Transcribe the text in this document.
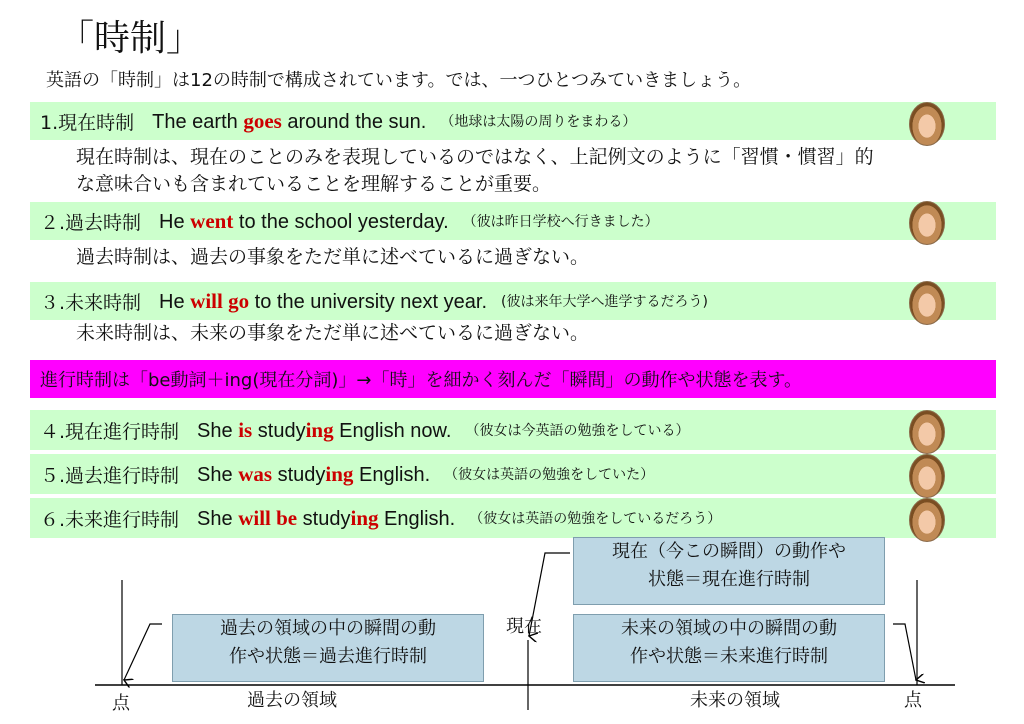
「時制」
英語の「時制」は12の時制で構成されています。では、一つひとつみていきましょう。
1.現在時制 The earth goes around the sun. （地球は太陽の周りをまわる）
現在時制は、現在のことのみを表現しているのではなく、上記例文のように「習慣・慣習」的
な意味合いも含まれていることを理解することが重要。
２.過去時制 He went to the school yesterday. （彼は昨日学校へ行きました）
過去時制は、過去の事象をただ単に述べているに過ぎない。
３.未来時制 He will go to the university next year. (彼は来年大学へ進学するだろう)
未来時制は、未来の事象をただ単に述べているに過ぎない。
進行時制は「be動詞＋ing(現在分詞)」→「時」を細かく刻んだ「瞬間」の動作や状態を表す。
４.現在進行時制 She is studying English now. （彼女は今英語の勉強をしている）
５.過去進行時制 She was studying English. （彼女は英語の勉強をしていた）
６.未来進行時制 She will be studying English. （彼女は英語の勉強をしているだろう）
現在（今この瞬間）の動作や
状態＝現在進行時制
過去の領域の中の瞬間の動
作や状態＝過去進行時制
未来の領域の中の瞬間の動
作や状態＝未来進行時制
現在
点	点
過去の領域	未来の領域
